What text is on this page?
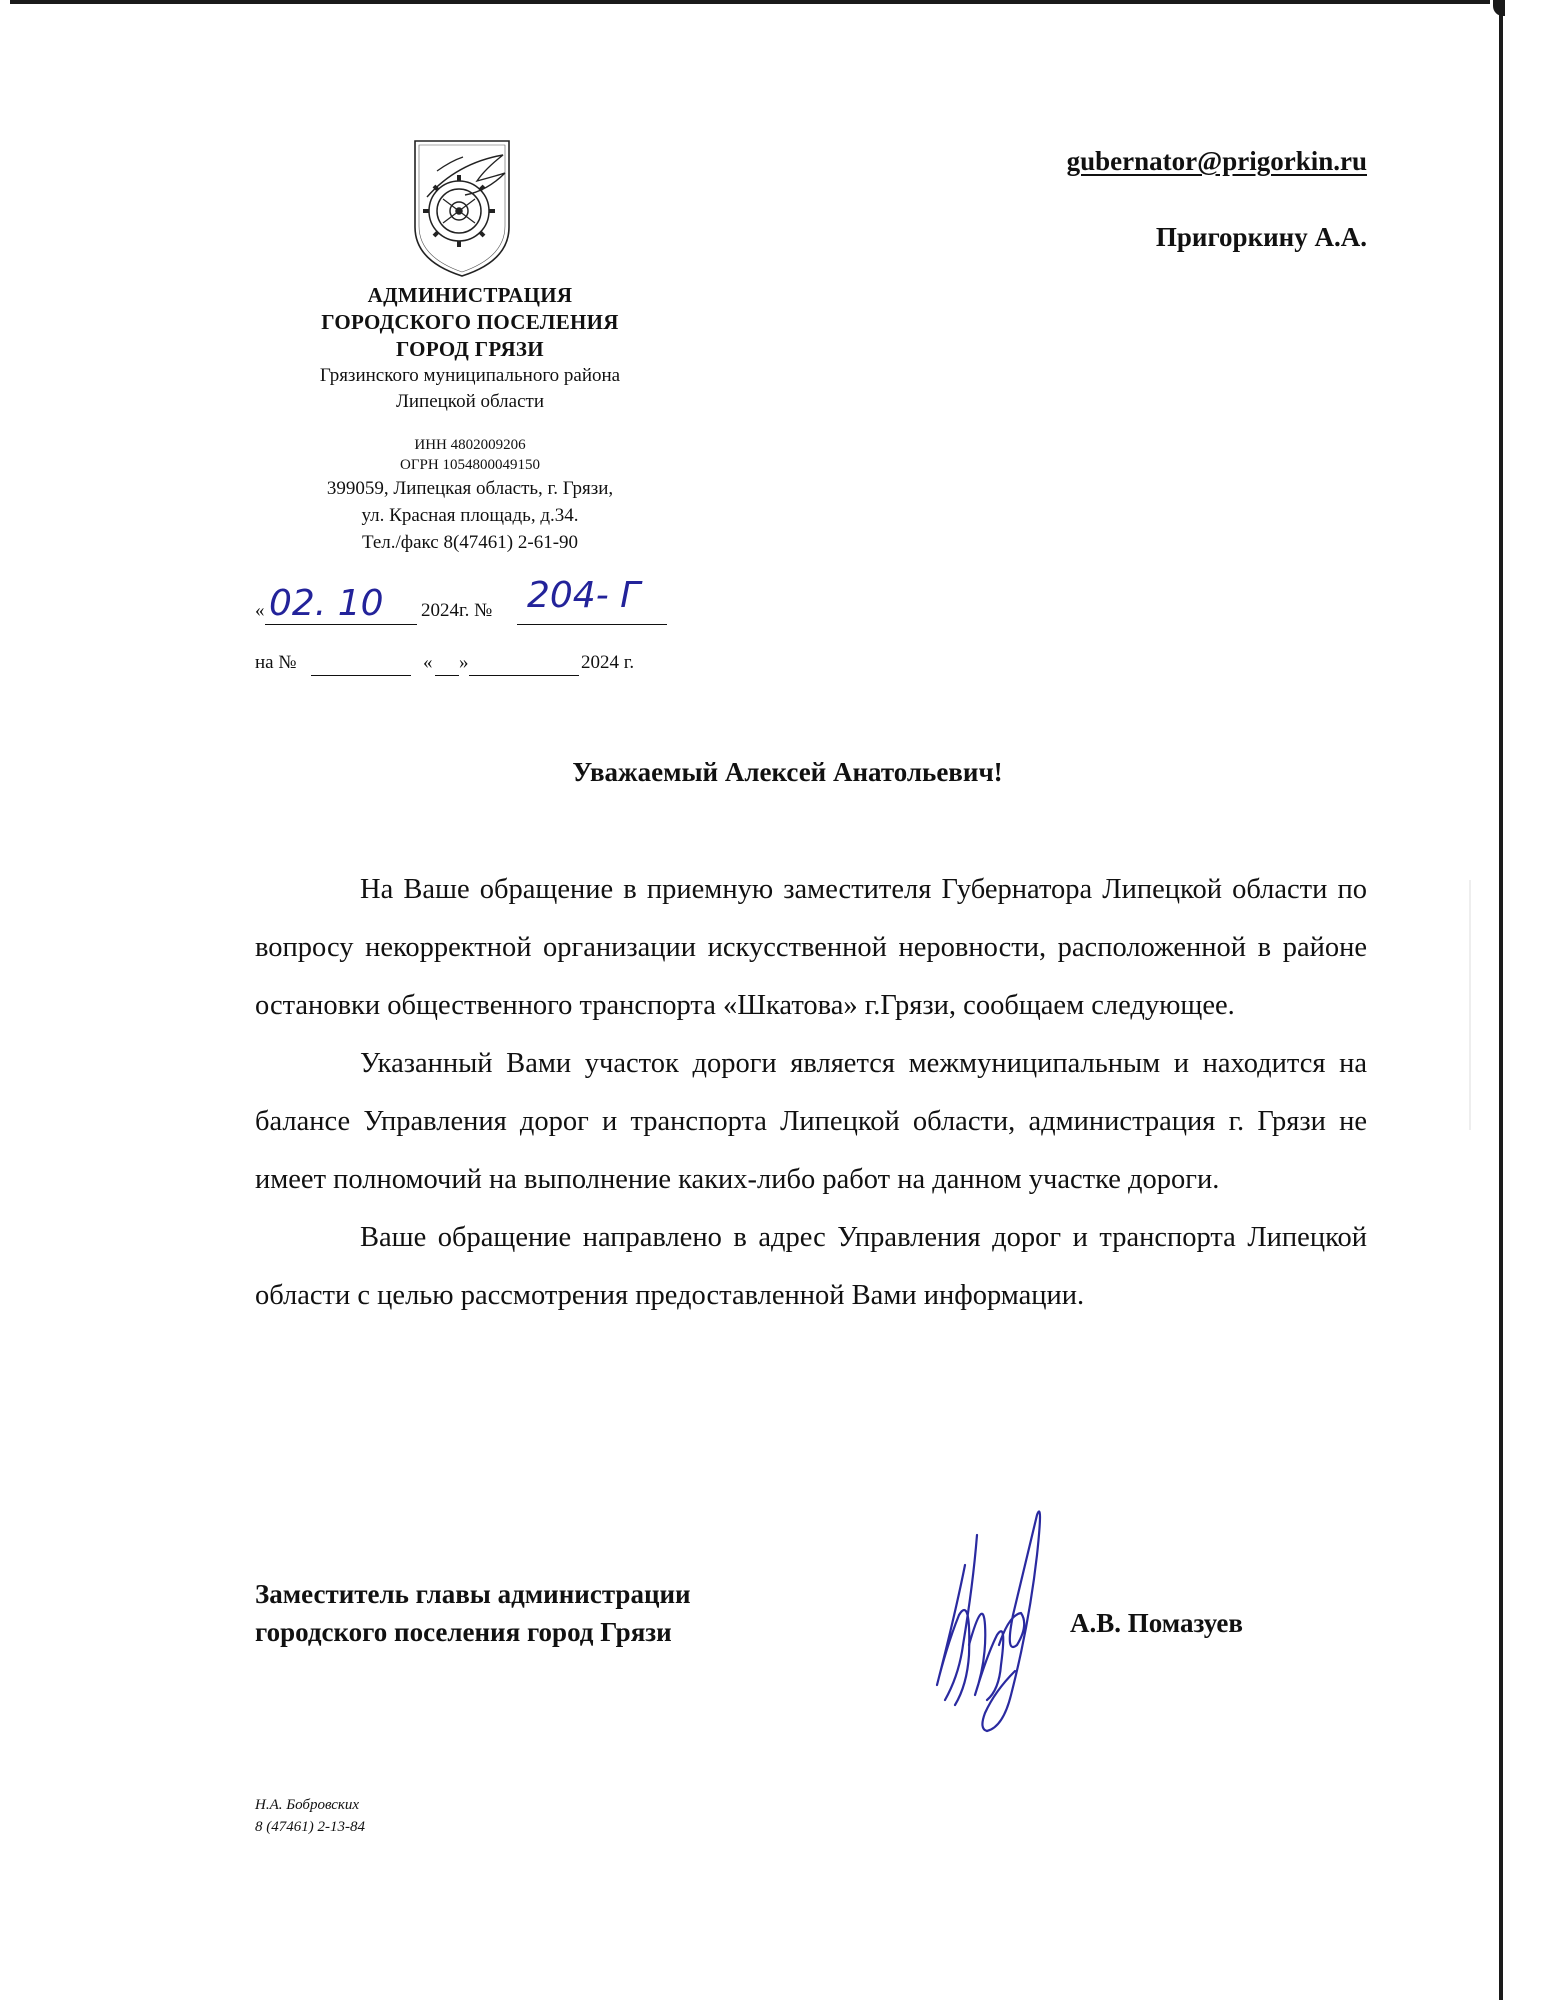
АДМИНИСТРАЦИЯ
ГОРОДСКОГО ПОСЕЛЕНИЯ
ГОРОД ГРЯЗИ
Грязинского муниципального района
Липецкой области
ИНН 4802009206
ОГРН 1054800049150
399059, Липецкая область, г. Грязи,
ул. Красная площадь, д.34.
Тел./факс 8(47461) 2-61-90
« 02. 10 2024г. № 204- Г
на №	« »	2024 г.
gubernator@prigorkin.ru
Пригоркину А.А.
Уважаемый Алексей Анатольевич!

На Ваше обращение в приемную заместителя Губернатора Липецкой области по вопросу некорректной организации искусственной неровности, расположенной в районе остановки общественного транспорта «Шкатова» г.Грязи, сообщаем следующее.

Указанный Вами участок дороги является межмуниципальным и находится на балансе Управления дорог и транспорта Липецкой области, администрация г. Грязи не имеет полномочий на выполнение каких-либо работ на данном участке дороги.

Ваше обращение направлено в адрес Управления дорог и транспорта Липецкой области с целью рассмотрения предоставленной Вами информации.

Заместитель главы администрации
городского поселения город Грязи	А.В. Помазуев
Н.А. Бобровских
8 (47461) 2-13-84
